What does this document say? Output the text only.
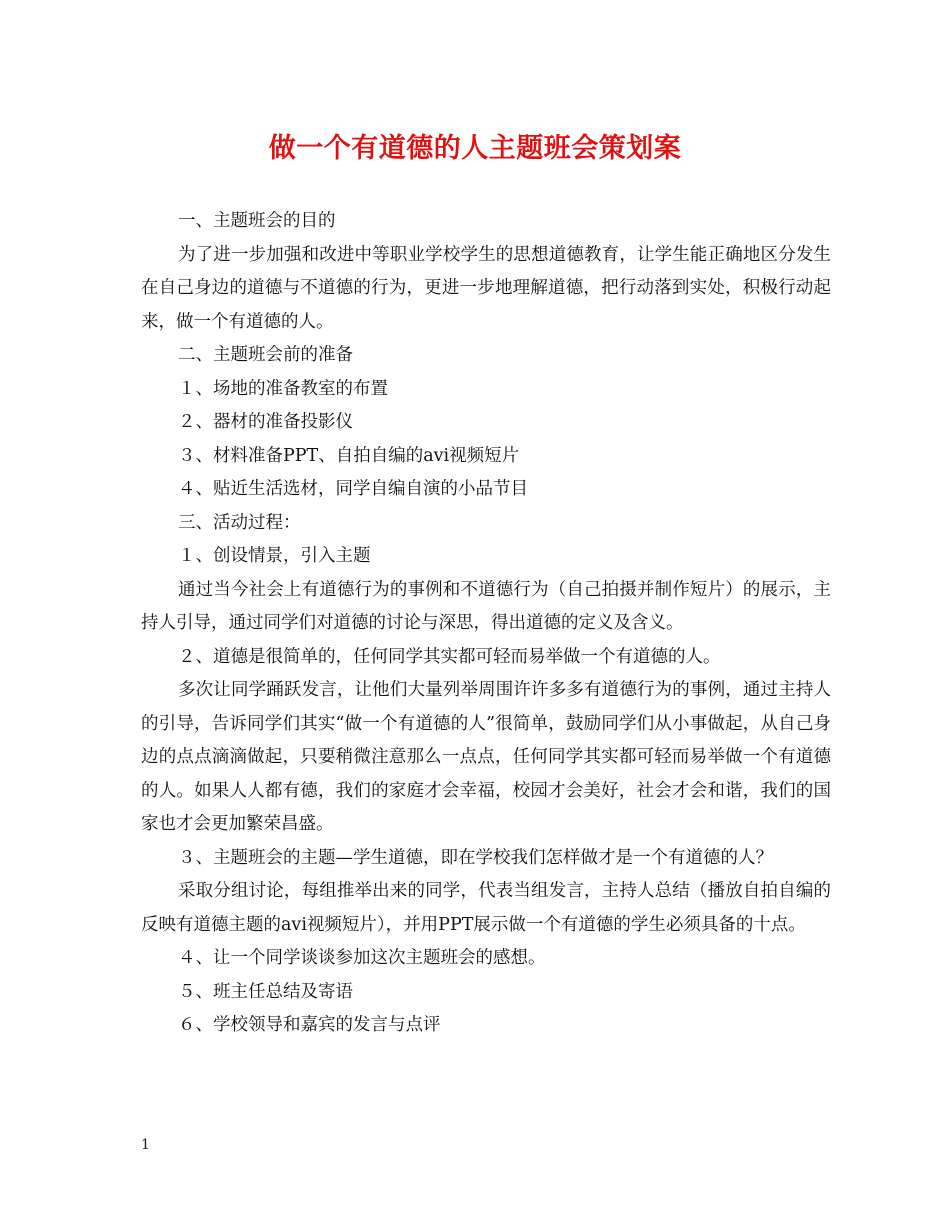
做一个有道德的人主题班会策划案

一、主题班会的目的

为了进一步加强和改进中等职业学校学生的思想道德教育，让学生能正确地区分发生在自己身边的道德与不道德的行为，更进一步地理解道德，把行动落到实处，积极行动起来，做一个有道德的人。

二、主题班会前的准备

１、场地的准备教室的布置

２、器材的准备投影仪

３、材料准备PPT、自拍自编的avi视频短片

４、贴近生活选材，同学自编自演的小品节目

三、活动过程：

１、创设情景，引入主题

通过当今社会上有道德行为的事例和不道德行为（自己拍摄并制作短片）的展示，主持人引导，通过同学们对道德的讨论与深思，得出道德的定义及含义。

２、道德是很简单的，任何同学其实都可轻而易举做一个有道德的人。

多次让同学踊跃发言，让他们大量列举周围许许多多有道德行为的事例，通过主持人的引导，告诉同学们其实“做一个有道德的人”很简单，鼓励同学们从小事做起，从自己身边的点点滴滴做起，只要稍微注意那么一点点，任何同学其实都可轻而易举做一个有道德的人。如果人人都有德，我们的家庭才会幸福，校园才会美好，社会才会和谐，我们的国家也才会更加繁荣昌盛。

３、主题班会的主题—学生道德，即在学校我们怎样做才是一个有道德的人？

采取分组讨论，每组推举出来的同学，代表当组发言，主持人总结（播放自拍自编的反映有道德主题的avi视频短片），并用PPT展示做一个有道德的学生必须具备的十点。

４、让一个同学谈谈参加这次主题班会的感想。

５、班主任总结及寄语

６、学校领导和嘉宾的发言与点评

1
